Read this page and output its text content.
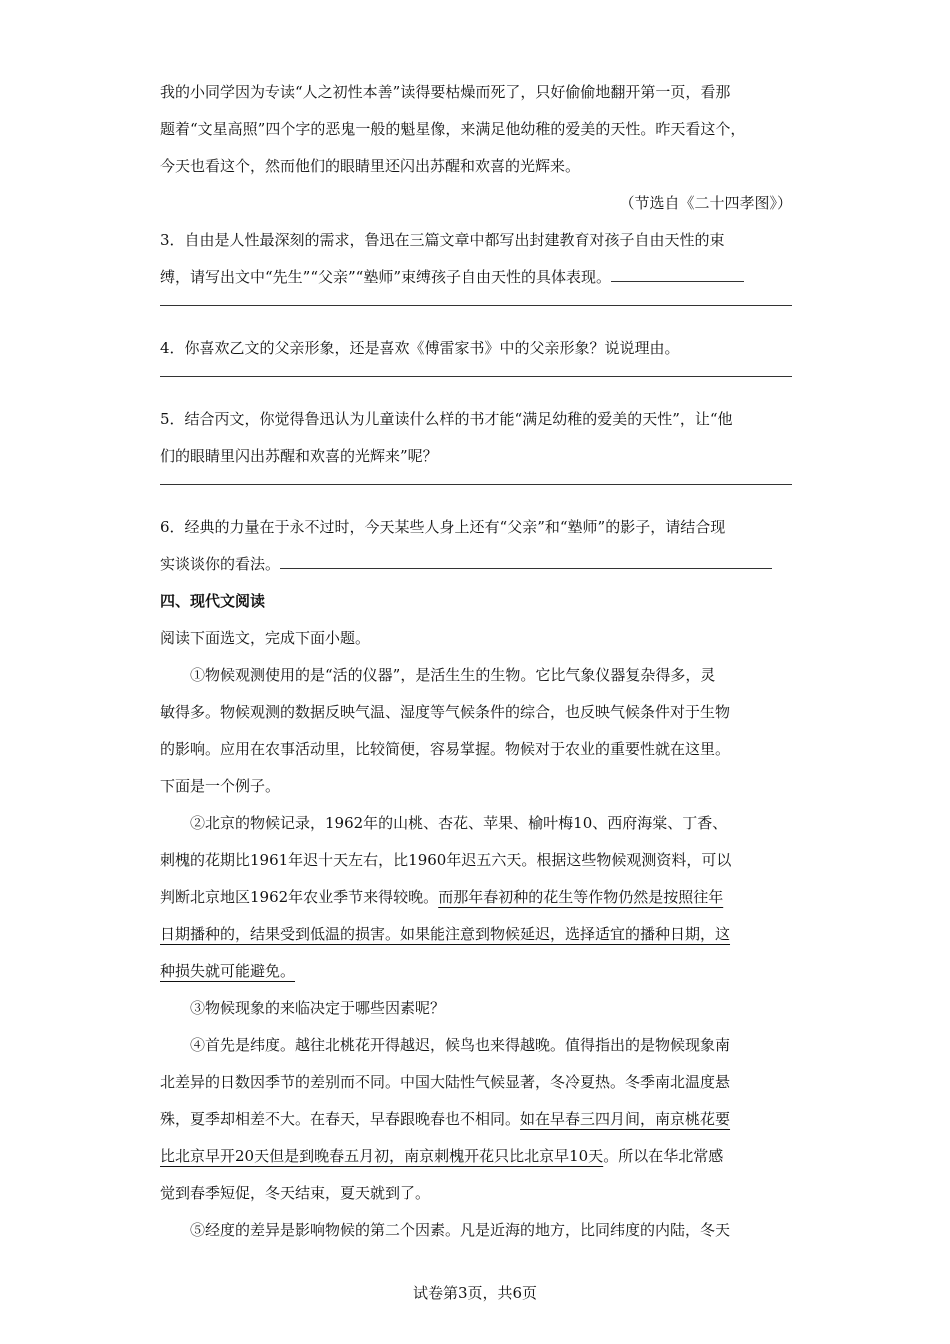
我的小同学因为专读“人之初性本善”读得要枯燥而死了，只好偷偷地翻开第一页，看那

题着“文星高照”四个字的恶鬼一般的魁星像，来满足他幼稚的爱美的天性。昨天看这个，

今天也看这个，然而他们的眼睛里还闪出苏醒和欢喜的光辉来。

（节选自《二十四孝图》）

3．自由是人性最深刻的需求，鲁迅在三篇文章中都写出封建教育对孩子自由天性的束

缚，请写出文中“先生”“父亲”“塾师”束缚孩子自由天性的具体表现。

4．你喜欢乙文的父亲形象，还是喜欢《傅雷家书》中的父亲形象？说说理由。

5．结合丙文，你觉得鲁迅认为儿童读什么样的书才能“满足幼稚的爱美的天性”，让“他

们的眼睛里闪出苏醒和欢喜的光辉来”呢？

6．经典的力量在于永不过时，今天某些人身上还有“父亲”和“塾师”的影子，请结合现

实谈谈你的看法。

四、现代文阅读

阅读下面选文，完成下面小题。

①物候观测使用的是“活的仪器”，是活生生的生物。它比气象仪器复杂得多，灵

敏得多。物候观测的数据反映气温、湿度等气候条件的综合，也反映气候条件对于生物

的影响。应用在农事活动里，比较简便，容易掌握。物候对于农业的重要性就在这里。

下面是一个例子。

②北京的物候记录，1962年的山桃、杏花、苹果、榆叶梅10、西府海棠、丁香、

刺槐的花期比1961年迟十天左右，比1960年迟五六天。根据这些物候观测资料，可以

判断北京地区1962年农业季节来得较晚。而那年春初种的花生等作物仍然是按照往年

日期播种的，结果受到低温的损害。如果能注意到物候延迟，选择适宜的播种日期，这

种损失就可能避免。

③物候现象的来临决定于哪些因素呢？

④首先是纬度。越往北桃花开得越迟，候鸟也来得越晚。值得指出的是物候现象南

北差异的日数因季节的差别而不同。中国大陆性气候显著，冬冷夏热。冬季南北温度悬

殊，夏季却相差不大。在春天，早春跟晚春也不相同。如在早春三四月间，南京桃花要

比北京早开20天但是到晚春五月初，南京刺槐开花只比北京早10天。所以在华北常感

觉到春季短促，冬天结束，夏天就到了。

⑤经度的差异是影响物候的第二个因素。凡是近海的地方，比同纬度的内陆，冬天

试卷第3页，共6页
